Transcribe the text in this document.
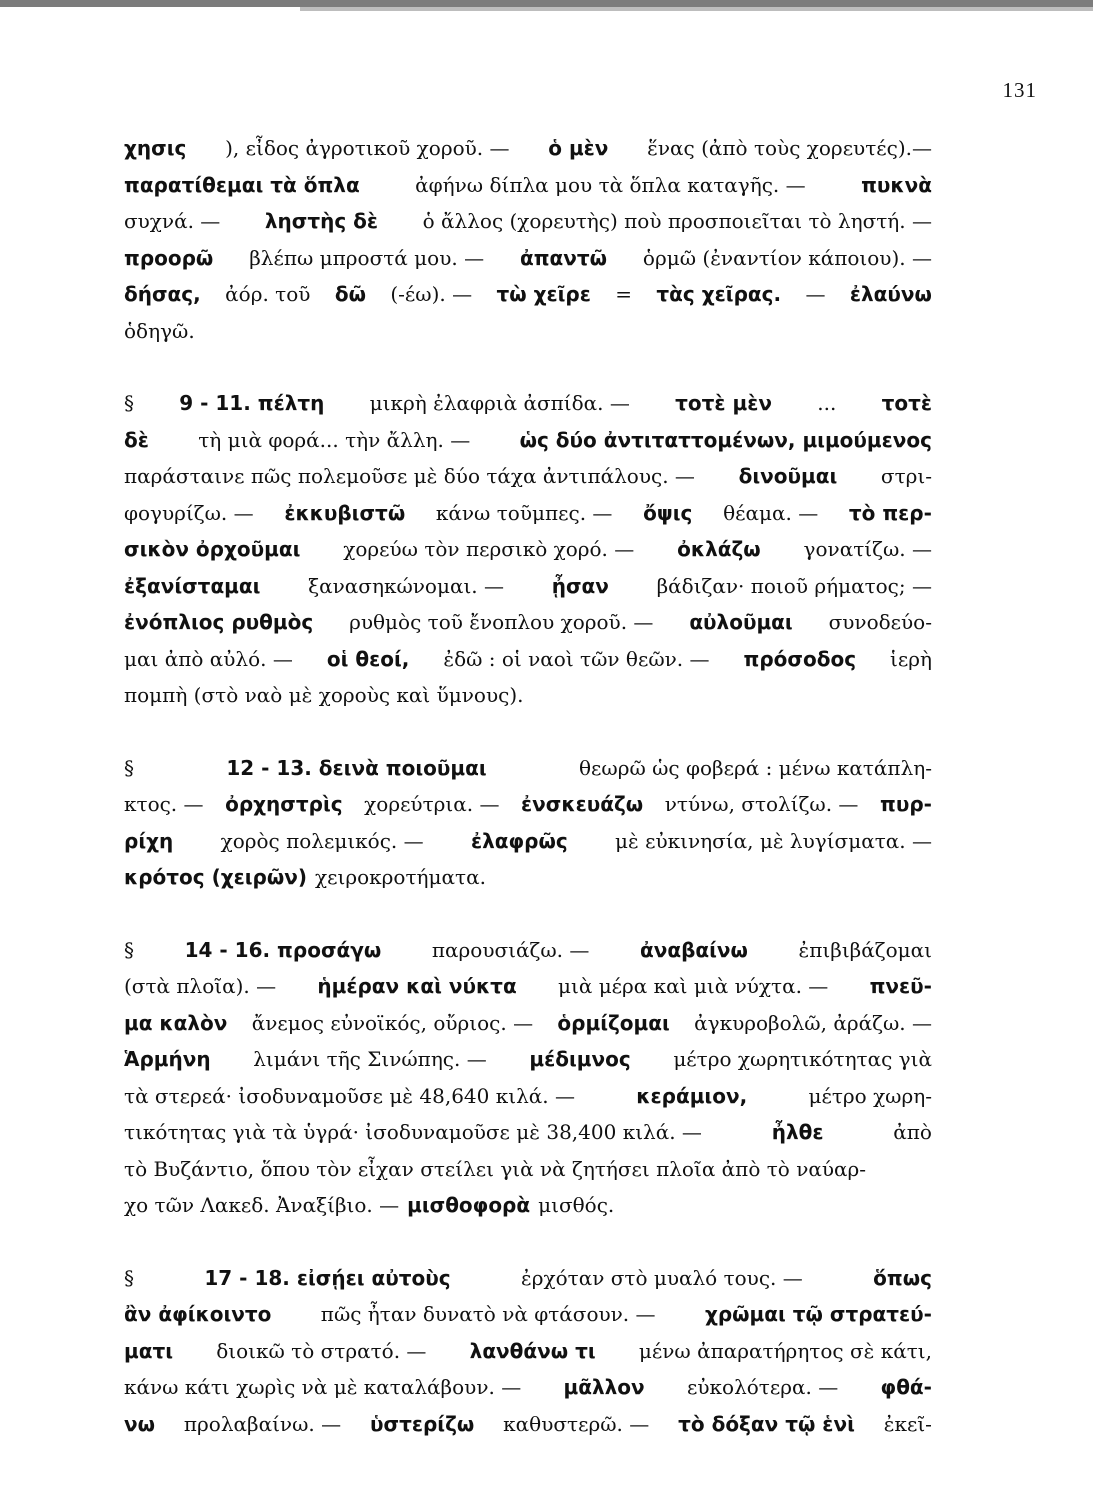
131
χησις ), εἶδος ἀγροτικοῦ χοροῦ. — ὁ μὲν ἕνας (ἀπὸ τοὺς χορευτές).—
παρατίθεμαι τὰ ὅπλα	ἀφήνω δίπλα μου τὰ ὅπλα καταγῆς. —	πυκνὰ
συχνά. — ληστὴς δὲ ὁ ἄλλος (χορευτὴς) ποὺ προσποιεῖται τὸ ληστή. —
προορῶ βλέπω μπροστά μου. — ἀπαντῶ ὁρμῶ (ἐναντίον κάποιου). —
δήσας, ἀόρ. τοῦ δῶ (-έω). — τὼ χεῖρε = τὰς χεῖρας. — ἐλαύνω
ὁδηγῶ.
§ 9 - 11. πέλτη μικρὴ ἐλαφριὰ ἀσπίδα. — τοτὲ μὲν ... τοτὲ
δὲ τὴ μιὰ φορά... τὴν ἄλλη. — ὡς δύο ἀντιταττομένων, μιμούμενος
παράσταινε πῶς πολεμοῦσε μὲ δύο τάχα ἀντιπάλους. — δινοῦμαι στρι-
φογυρίζω. — ἐκκυβιστῶ κάνω τοῦμπες. — ὄψις θέαμα. — τὸ περ-
σικὸν ὀρχοῦμαι χορεύω τὸν περσικὸ χορό. — ὀκλάζω γονατίζω. —
ἐξανίσταμαι ξανασηκώνομαι. — ᾖσαν βάδιζαν· ποιοῦ ρήματος; —
ἐνόπλιος ρυθμὸς ρυθμὸς τοῦ ἔνοπλου χοροῦ. — αὐλοῦμαι συνοδεύο-
μαι ἀπὸ αὐλό. — οἱ θεοί, ἐδῶ : οἱ ναοὶ τῶν θεῶν. — πρόσοδος ἱερὴ
πομπὴ (στὸ ναὸ μὲ χοροὺς καὶ ὕμνους).
§	12 - 13. δεινὰ ποιοῦμαι	θεωρῶ ὡς φοβερά : μένω κατάπλη-
κτος. — ὀρχηστρὶς χορεύτρια. — ἐνσκευάζω ντύνω, στολίζω. — πυρ-
ρίχη χορὸς πολεμικός. — ἐλαφρῶς μὲ εὐκινησία, μὲ λυγίσματα. —
κρότος (χειρῶν) χειροκροτήματα.
§	14 - 16. προσάγω	παρουσιάζω. —	ἀναβαίνω	ἐπιβιβάζομαι
(στὰ πλοῖα). — ἡμέραν καὶ νύκτα μιὰ μέρα καὶ μιὰ νύχτα. — πνεῦ-
μα καλὸν ἄνεμος εὐνοϊκός, οὔριος. — ὁρμίζομαι ἀγκυροβολῶ, ἀράζω. —
Ἁρμήνη λιμάνι τῆς Σινώπης. — μέδιμνος μέτρο χωρητικότητας γιὰ
τὰ στερεά· ἰσοδυναμοῦσε μὲ 48,640 κιλά. —	κεράμιον,	μέτρο χωρη-
τικότητας γιὰ τὰ ὑγρά· ἰσοδυναμοῦσε μὲ 38,400 κιλά. —	ἦλθε	ἀπὸ
τὸ Βυζάντιο, ὅπου τὸν εἶχαν στείλει γιὰ νὰ ζητήσει πλοῖα ἀπὸ τὸ ναύαρ-
χο τῶν Λακεδ. Ἀναξίβιο. — μισθοφορὰ μισθός.
§	17 - 18. εἰσῄει αὐτοὺς	ἐρχόταν στὸ μυαλό τους. —	ὅπως
ἂν ἀφίκοιντο πῶς ἦταν δυνατὸ νὰ φτάσουν. — χρῶμαι τῷ στρατεύ-
ματι διοικῶ τὸ στρατό. — λανθάνω τι μένω ἀπαρατήρητος σὲ κάτι,
κάνω κάτι χωρὶς νὰ μὲ καταλάβουν. — μᾶλλον εὐκολότερα. — φθά-
νω προλαβαίνω. — ὑστερίζω καθυστερῶ. — τὸ δόξαν τῷ ἑνὶ ἐκεῖ-
